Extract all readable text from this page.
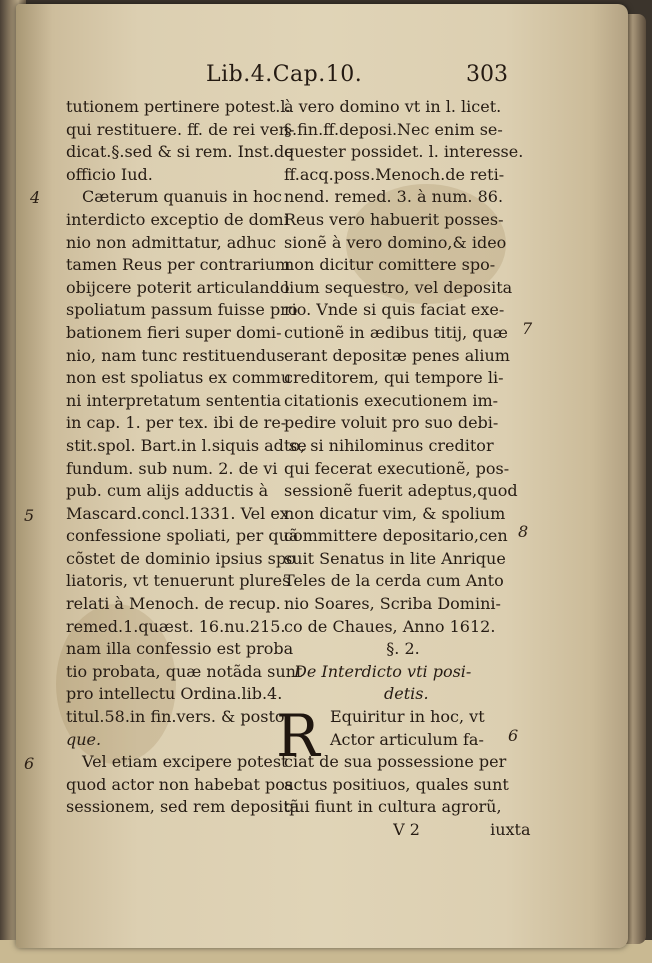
Lib.4.Cap.10.	303
tutionem pertinere potest.l.
qui restituere. ff. de rei ven-
dicat.§.sed & si rem. Inst.de
officio Iud.
Cæterum quanuis in hoc
interdicto exceptio de domi
nio non admittatur, adhuc
tamen Reus per contrarium
obijcere poterit articulando
spoliatum passum fuisse pro
bationem fieri super domi-
nio, nam tunc restituendus
non est spoliatus ex commu
ni interpretatum sententia
in cap. 1. per tex. ibi de re-
stit.spol. Bart.in l.siquis ad se
fundum. sub num. 2. de vi
pub. cum alijs adductis à
Mascard.concl.1331. Vel ex
confessione spoliati, per quã
cõstet de dominio ipsius spo
liatoris, vt tenuerunt plures
relati à Menoch. de recup.
remed.1.quæst. 16.nu.215.
nam illa confessio est proba
tio probata, quæ notãda sunt
pro intellectu Ordina.lib.4.
titul.58.in fin.vers. & posto
que.
Vel etiam excipere potest
quod actor non habebat pos
sessionem, sed rem depositã
à vero domino vt in l. licet.
§.fin.ff.deposi.Nec enim se-
quester possidet. l. interesse.
ff.acq.poss.Menoch.de reti-
nend. remed. 3. à num. 86.
Reus vero habuerit posses-
sionẽ à vero domino,& ideo
non dicitur comittere spo-
lium sequestro, vel deposita
rio. Vnde si quis faciat exe-
cutionẽ in ædibus titij, quæ
erant depositæ penes alium
creditorem, qui tempore li-
citationis executionem im-
pedire voluit pro suo debi-
to, si nihilominus creditor
qui fecerat executionẽ, pos-
sessionẽ fuerit adeptus,quod
non dicatur vim, & spolium
committere depositario,cen
suit Senatus in lite Anrique
Teles de la cerda cum Anto
nio Soares, Scriba Domini-
co de Chaues, Anno 1612.
§. 2.
De Interdicto vti posi-
detis.
R Equiritur in hoc, vt
Actor articulum fa-
ciat de sua possessione per
actus positiuos, quales sunt
qui fiunt in cultura agrorũ,
V 2	iuxta
4
5
6
7
8
6
